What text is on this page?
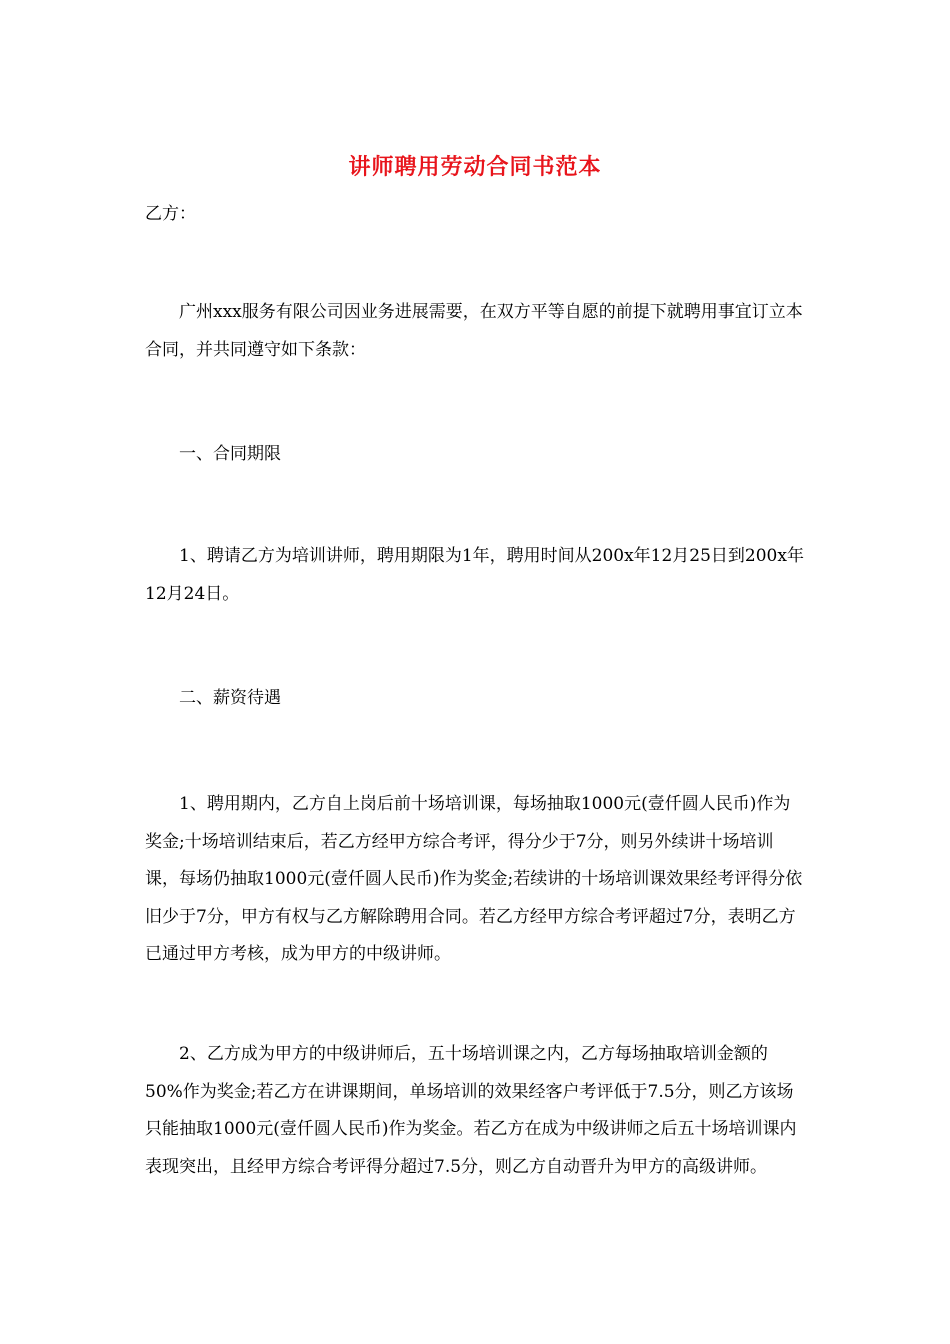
讲师聘用劳动合同书范本

乙方：

广州xxx服务有限公司因业务进展需要，在双方平等自愿的前提下就聘用事宜订立本合同，并共同遵守如下条款：

一、合同期限

1、聘请乙方为培训讲师，聘用期限为1年，聘用时间从200x年12月25日到200x年12月24日。

二、薪资待遇

1、聘用期内，乙方自上岗后前十场培训课，每场抽取1000元(壹仟圆人民币)作为奖金;十场培训结束后，若乙方经甲方综合考评，得分少于7分，则另外续讲十场培训课，每场仍抽取1000元(壹仟圆人民币)作为奖金;若续讲的十场培训课效果经考评得分依旧少于7分，甲方有权与乙方解除聘用合同。若乙方经甲方综合考评超过7分，表明乙方已通过甲方考核，成为甲方的中级讲师。

2、乙方成为甲方的中级讲师后，五十场培训课之内，乙方每场抽取培训金额的50%作为奖金;若乙方在讲课期间，单场培训的效果经客户考评低于7.5分，则乙方该场只能抽取1000元(壹仟圆人民币)作为奖金。若乙方在成为中级讲师之后五十场培训课内表现突出，且经甲方综合考评得分超过7.5分，则乙方自动晋升为甲方的高级讲师。
